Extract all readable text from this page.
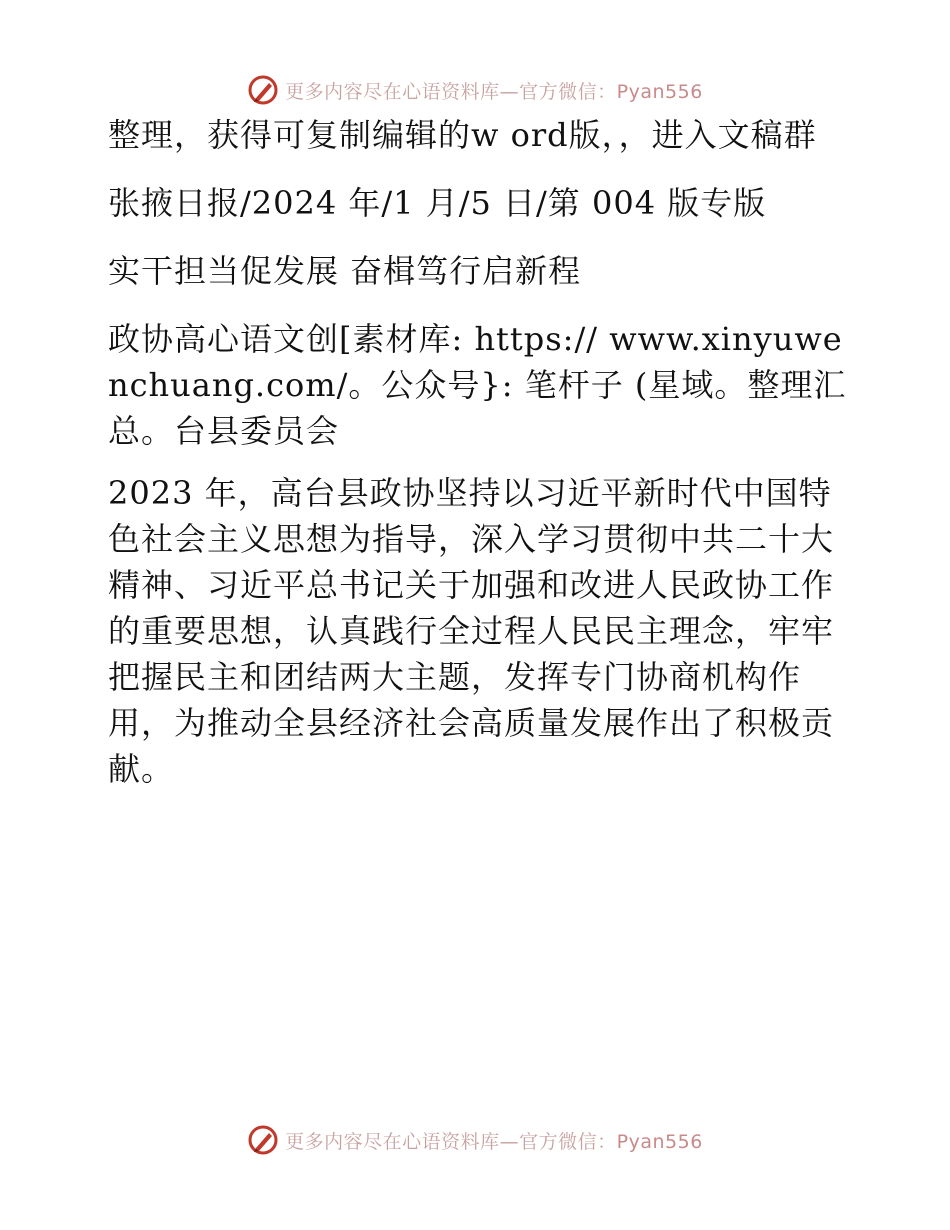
更多内容尽在心语资料库—官方微信：Pyan556

整理，获得可复制编辑的w ord版，，进入文稿群

张掖日报/2024 年/1 月/5 日/第 004 版专版

实干担当促发展 奋楫笃行启新程

政协高心语文创[素材库: https:// www.xinyuwenchuang.com/。公众号}: 笔杆子 (星域。整理汇总。台县委员会

2023 年，高台县政协坚持以习近平新时代中国特色社会主义思想为指导，深入学习贯彻中共二十大精神、习近平总书记关于加强和改进人民政协工作的重要思想，认真践行全过程人民民主理念，牢牢把握民主和团结两大主题，发挥专门协商机构作用，为推动全县经济社会高质量发展作出了积极贡献。

更多内容尽在心语资料库—官方微信：Pyan556
